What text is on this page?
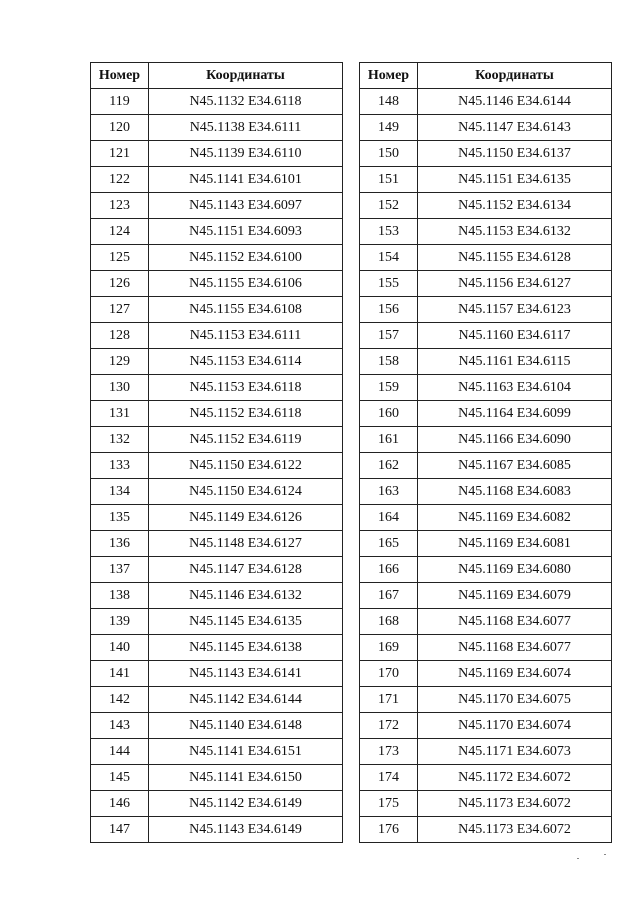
Номер	Координаты
119	N45.1132 E34.6118
120	N45.1138 E34.6111
121	N45.1139 E34.6110
122	N45.1141 E34.6101
123	N45.1143 E34.6097
124	N45.1151 E34.6093
125	N45.1152 E34.6100
126	N45.1155 E34.6106
127	N45.1155 E34.6108
128	N45.1153 E34.6111
129	N45.1153 E34.6114
130	N45.1153 E34.6118
131	N45.1152 E34.6118
132	N45.1152 E34.6119
133	N45.1150 E34.6122
134	N45.1150 E34.6124
135	N45.1149 E34.6126
136	N45.1148 E34.6127
137	N45.1147 E34.6128
138	N45.1146 E34.6132
139	N45.1145 E34.6135
140	N45.1145 E34.6138
141	N45.1143 E34.6141
142	N45.1142 E34.6144
143	N45.1140 E34.6148
144	N45.1141 E34.6151
145	N45.1141 E34.6150
146	N45.1142 E34.6149
147	N45.1143 E34.6149
Номер	Координаты
148	N45.1146 E34.6144
149	N45.1147 E34.6143
150	N45.1150 E34.6137
151	N45.1151 E34.6135
152	N45.1152 E34.6134
153	N45.1153 E34.6132
154	N45.1155 E34.6128
155	N45.1156 E34.6127
156	N45.1157 E34.6123
157	N45.1160 E34.6117
158	N45.1161 E34.6115
159	N45.1163 E34.6104
160	N45.1164 E34.6099
161	N45.1166 E34.6090
162	N45.1167 E34.6085
163	N45.1168 E34.6083
164	N45.1169 E34.6082
165	N45.1169 E34.6081
166	N45.1169 E34.6080
167	N45.1169 E34.6079
168	N45.1168 E34.6077
169	N45.1168 E34.6077
170	N45.1169 E34.6074
171	N45.1170 E34.6075
172	N45.1170 E34.6074
173	N45.1171 E34.6073
174	N45.1172 E34.6072
175	N45.1173 E34.6072
176	N45.1173 E34.6072
